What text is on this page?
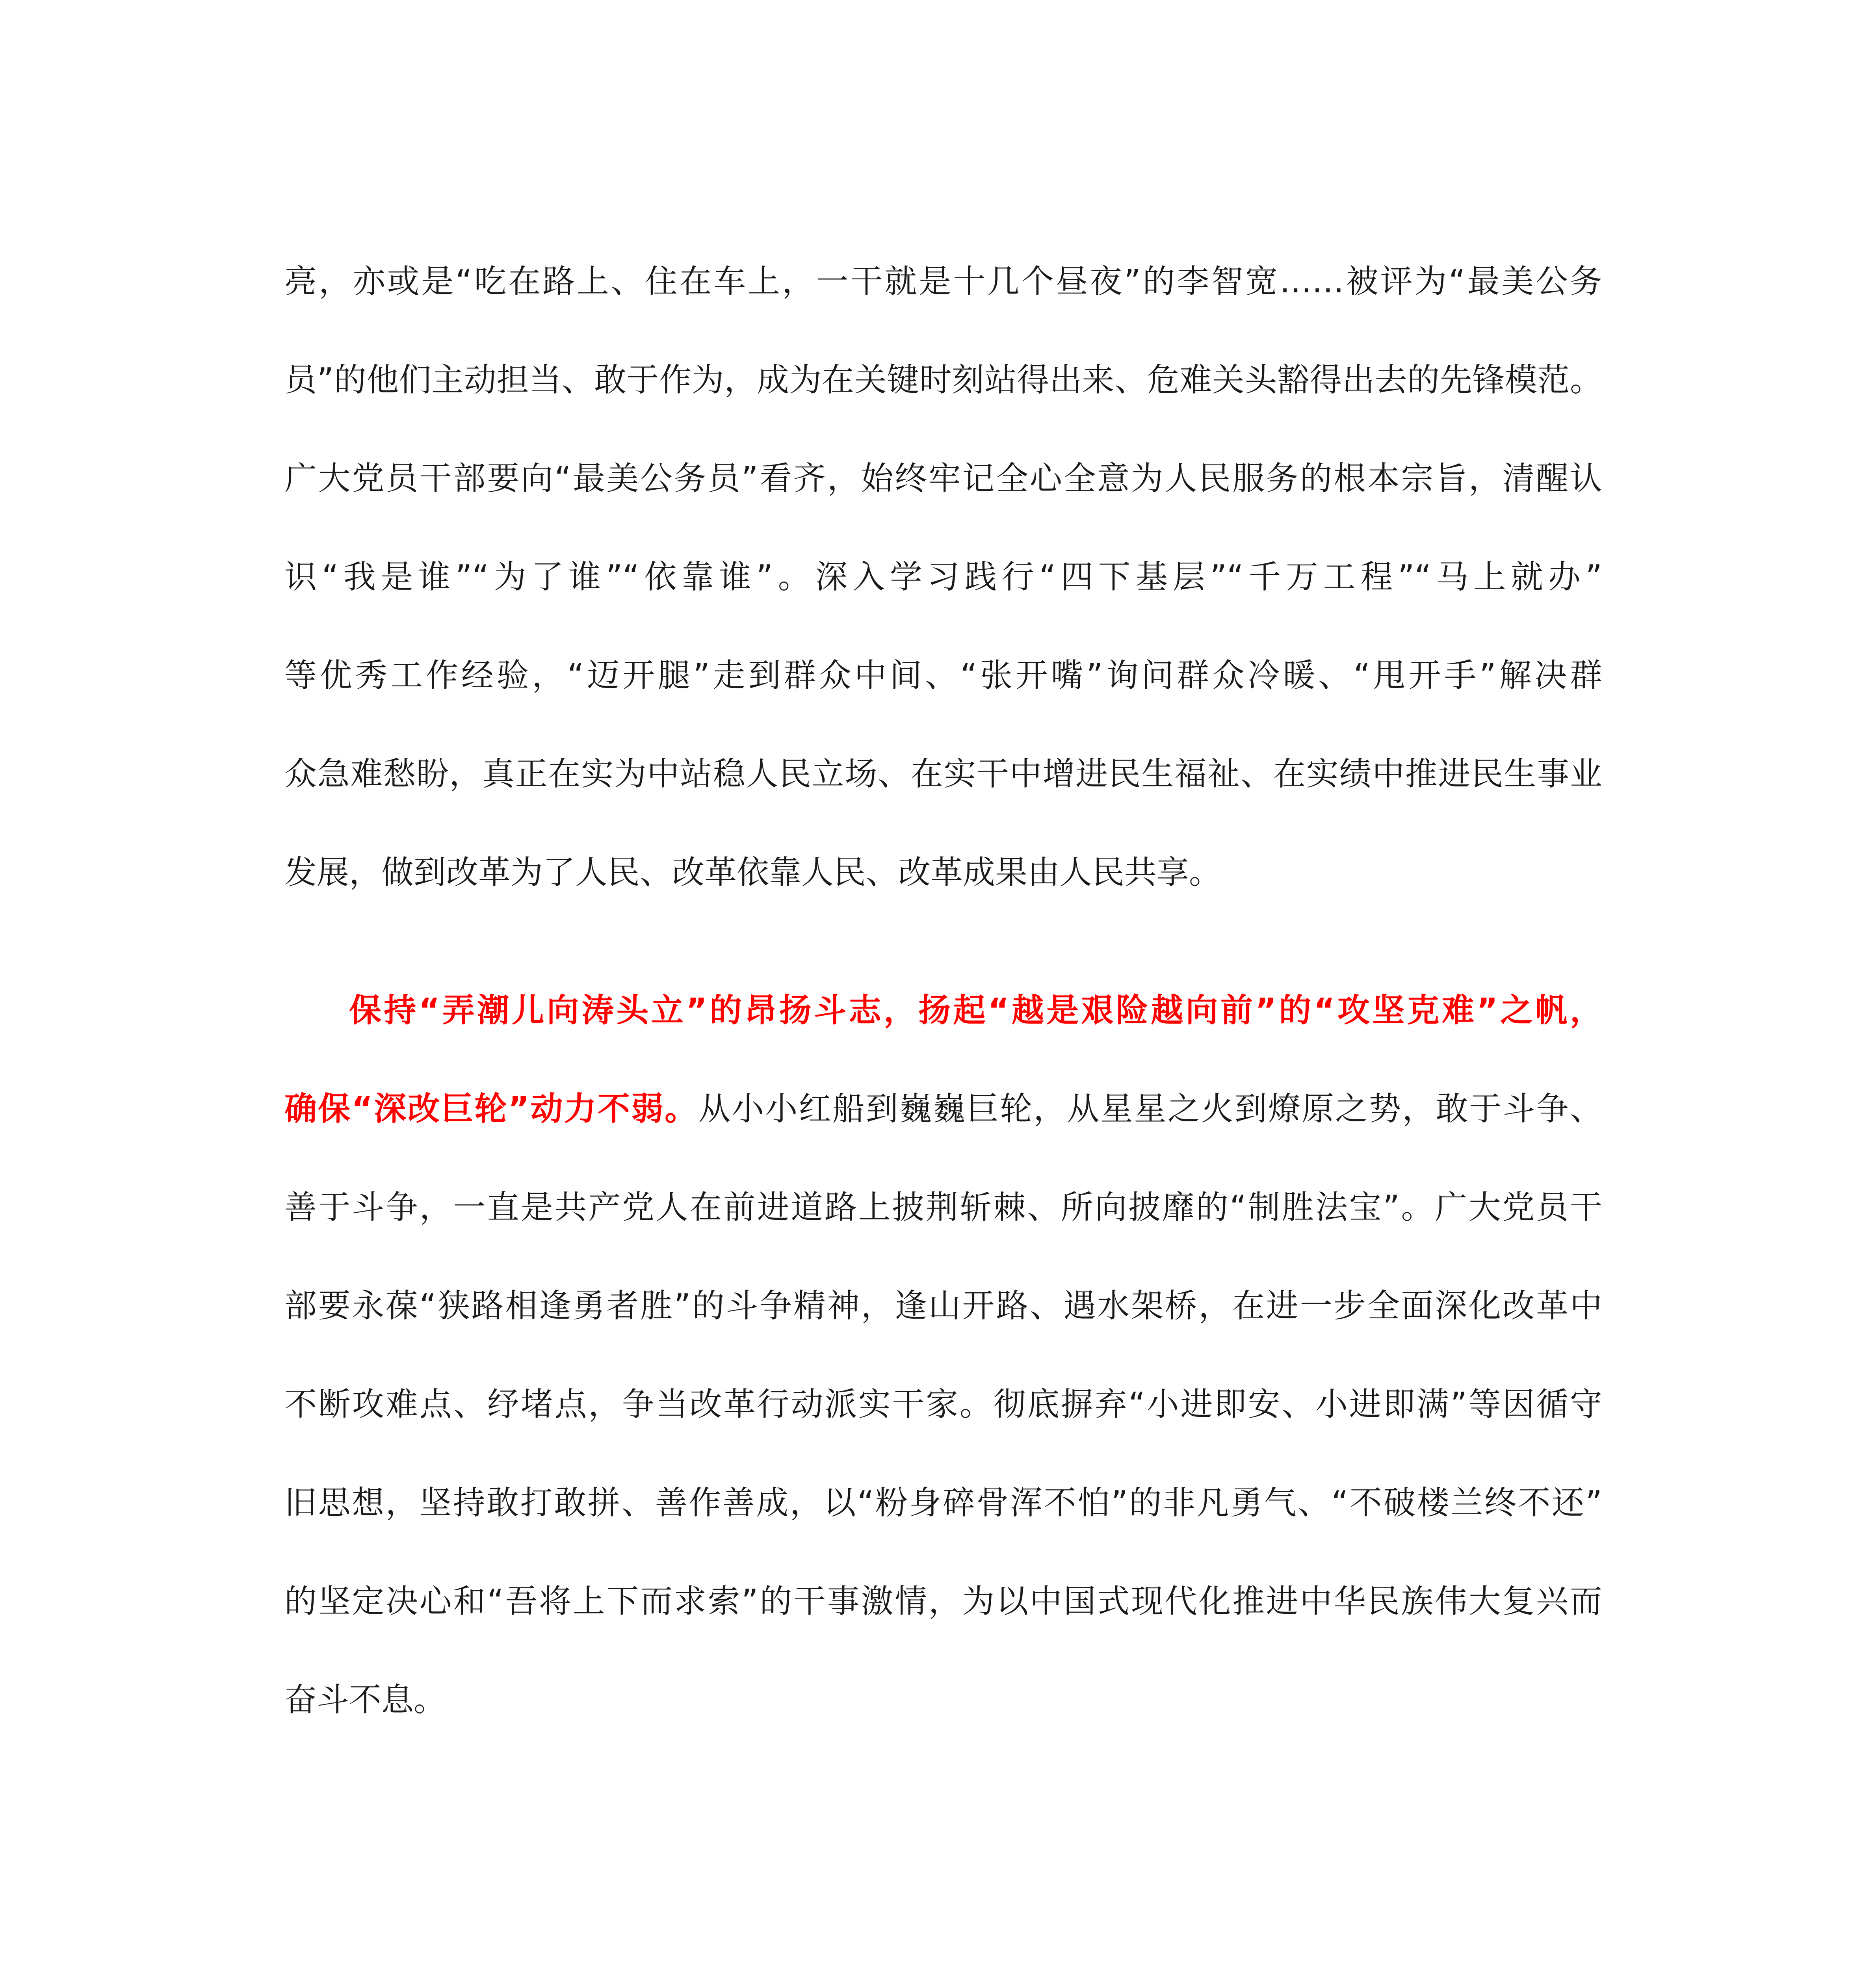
亮，亦或是“吃在路上、住在车上，一干就是十几个昼夜”的李智宽……被评为“最美公务
员”的他们主动担当、敢于作为，成为在关键时刻站得出来、危难关头豁得出去的先锋模范。
广大党员干部要向“最美公务员”看齐，始终牢记全心全意为人民服务的根本宗旨，清醒认
识“我是谁”“为了谁”“依靠谁”。深入学习践行“四下基层”“千万工程”“马上就办”
等优秀工作经验，“迈开腿”走到群众中间、“张开嘴”询问群众冷暖、“甩开手”解决群
众急难愁盼，真正在实为中站稳人民立场、在实干中增进民生福祉、在实绩中推进民生事业
发展，做到改革为了人民、改革依靠人民、改革成果由人民共享。
保持“弄潮儿向涛头立”的昂扬斗志，扬起“越是艰险越向前”的“攻坚克难”之帆，
确保“深改巨轮”动力不弱。从小小红船到巍巍巨轮，从星星之火到燎原之势，敢于斗争、
善于斗争，一直是共产党人在前进道路上披荆斩棘、所向披靡的“制胜法宝”。广大党员干
部要永葆“狭路相逢勇者胜”的斗争精神，逢山开路、遇水架桥，在进一步全面深化改革中
不断攻难点、纾堵点，争当改革行动派实干家。彻底摒弃“小进即安、小进即满”等因循守
旧思想，坚持敢打敢拼、善作善成，以“粉身碎骨浑不怕”的非凡勇气、“不破楼兰终不还”
的坚定决心和“吾将上下而求索”的干事激情，为以中国式现代化推进中华民族伟大复兴而
奋斗不息。
